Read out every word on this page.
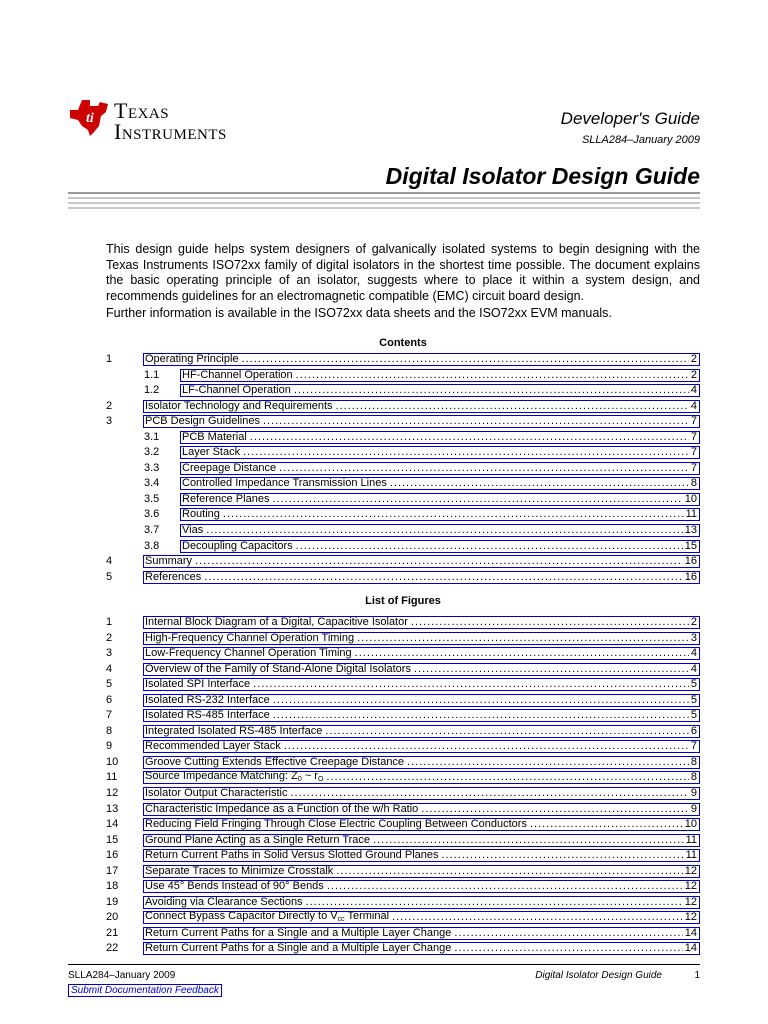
ti Texas
Instruments
Developer's Guide
SLLA284–January 2009
Digital Isolator Design Guide

This design guide helps system designers of galvanically isolated systems to begin designing with the Texas Instruments ISO72xx family of digital isolators in the shortest time possible. The document explains the basic operating principle of an isolator, suggests where to place it within a system design, and recommends guidelines for an electromagnetic compatible (EMC) circuit board design.

Further information is available in the ISO72xx data sheets and the ISO72xx EVM manuals.

Contents
1	Operating Principle .....	2
1.1 HF-Channel Operation .....	2
1.2 LF-Channel Operation .....	4
2	Isolator Technology and Requirements .....	4
3	PCB Design Guidelines .....	7
3.1 PCB Material .....	7
3.2 Layer Stack .....	7
3.3 Creepage Distance .....	7
3.4 Controlled Impedance Transmission Lines .....	8
3.5 Reference Planes .....	10
3.6 Routing .....	11
3.7 Vias .....	13
3.8 Decoupling Capacitors .....	15
4	Summary .....	16
5	References .....	16
List of Figures
1	Internal Block Diagram of a Digital, Capacitive Isolator .....	2
2	High-Frequency Channel Operation Timing .....	3
3	Low-Frequency Channel Operation Timing .....	4
4	Overview of the Family of Stand-Alone Digital Isolators .....	4
5	Isolated SPI Interface .....	5
6	Isolated RS-232 Interface .....	5
7	Isolated RS-485 Interface .....	5
8	Integrated Isolated RS-485 Interface .....	6
9	Recommended Layer Stack .....	7
10 Groove Cutting Extends Effective Creepage Distance .....	8
11	Source Impedance Matching: $Z_0$ ~ $r_O$ .....	8
12 Isolator Output Characteristic .....	9
13 Characteristic Impedance as a Function of the w/h Ratio .....	9
14 Reducing Field Fringing Through Close Electric Coupling Between Conductors .....	10
15 Ground Plane Acting as a Single Return Trace .....	11
16 Return Current Paths in Solid Versus Slotted Ground Planes .....	11
17 Separate Traces to Minimize Crosstalk .....	12
18 Use 45° Bends Instead of 90° Bends .....	12
19 Avoiding via Clearance Sections .....	12
20 Connect Bypass Capacitor Directly to $V_{cc}$ Terminal .....	12
21 Return Current Paths for a Single and a Multiple Layer Change .....	14
22 Return Current Paths for a Single and a Multiple Layer Change .....	14
SLLA284–January 2009
Submit Documentation Feedback
Digital Isolator Design Guide	1
